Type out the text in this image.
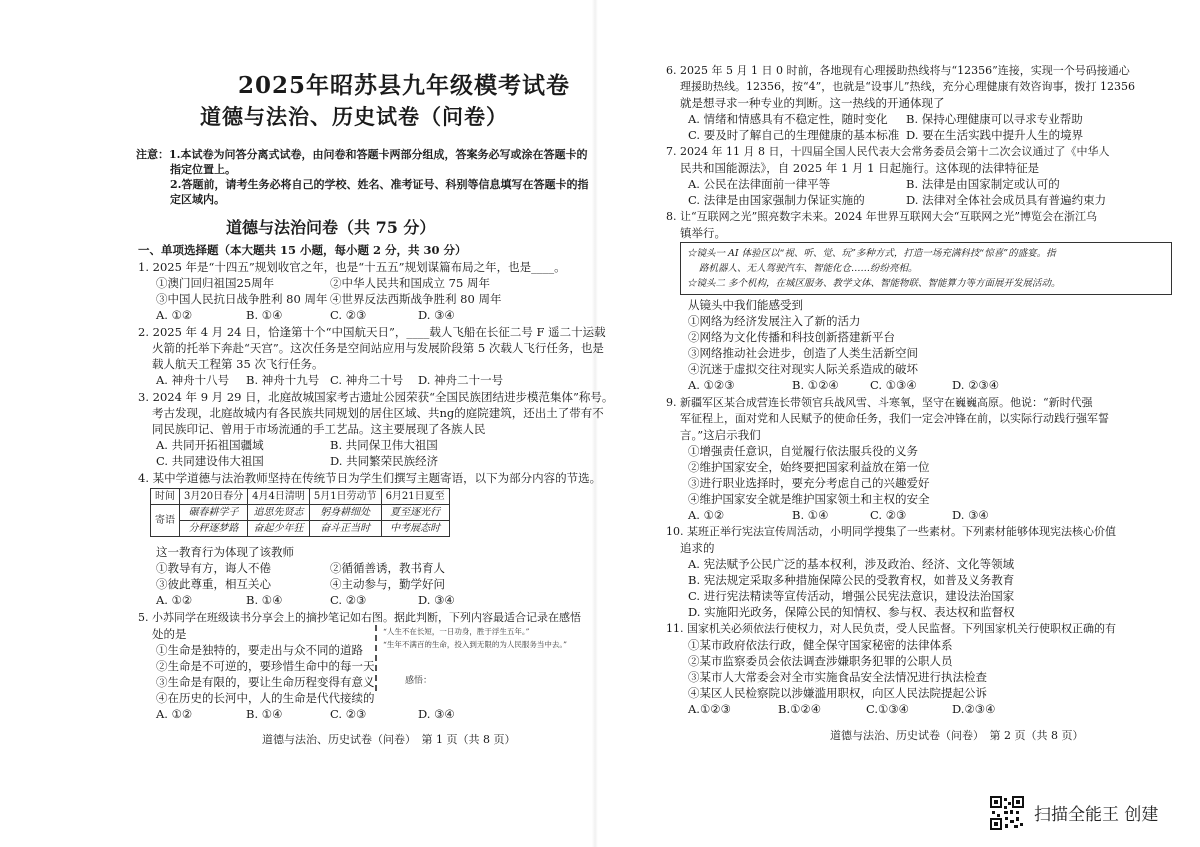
2025年昭苏县九年级模考试卷
道德与法治、历史试卷（问卷）
注意：1.本试卷为问答分离式试卷，由问卷和答题卡两部分组成，答案务必写或涂在答题卡的
指定位置上。
2.答题前，请考生务必将自己的学校、姓名、准考证号、科别等信息填写在答题卡的指
定区域内。
道德与法治问卷（共 75 分）
一、单项选择题（本大题共 15 小题，每小题 2 分，共 30 分）
1. 2025 年是“十四五”规划收官之年，也是“十五五”规划谋篇布局之年，也是____。
①澳门回归祖国25周年	②中华人民共和国成立 75 周年
③中国人民抗日战争胜利 80 周年 ④世界反法西斯战争胜利 80 周年
A. ①②	B. ①④	C. ②③	D. ③④
2. 2025 年 4 月 24 日，恰逢第十个“中国航天日”，____载人飞船在长征二号 F 遥二十运载
火箭的托举下奔赴“天宫”。这次任务是空间站应用与发展阶段第 5 次载人飞行任务，也是
载人航天工程第 35 次飞行任务。
A. 神舟十八号 B. 神舟十九号 C. 神舟二十号 D. 神舟二十一号
3. 2024 年 9 月 29 日，北庭故城国家考古遗址公园荣获“全国民族团结进步模范集体”称号。
考古发现，北庭故城内有各民族共同规划的居住区域、共ng的庭院建筑，还出土了带有不
同民族印记、曾用于市场流通的手工艺品。这主要展现了各族人民
A. 共同开拓祖国疆域	B. 共同保卫伟大祖国
C. 共同建设伟大祖国	D. 共同繁荣民族经济
4. 某中学道德与法治教师坚持在传统节日为学生们撰写主题寄语，以下为部分内容的节选。
时间	3月20日春分	4月4日清明	5月1日劳动节	6月21日夏至
寄语	碾春耕学子	追思先贤志	躬身耕细处	夏至逐光行
	分秤逐梦路	奋起少年狂	奋斗正当时	中考展态时
这一教育行为体现了该教师
①教导有方，诲人不倦	②循循善诱，教书育人
③彼此尊重，相互关心	④主动参与，勤学好问
A. ①②	B. ①④	C. ②③	D. ③④
5. 小苏同学在班级读书分享会上的摘抄笔记如右图。据此判断，下列内容最适合记录在感悟
处的是
①生命是独特的，要走出与众不同的道路
②生命是不可逆的，要珍惜生命中的每一天
③生命是有限的，要让生命历程变得有意义
④在历史的长河中，人的生命是代代接续的
A. ①②	B. ①④	C. ②③	D. ③④
“人生不在长短，一日功身，胜于浮生五年。”
“生年不满百的生命，投入到无限的为人民服务当中去。”
感悟：
道德与法治、历史试卷（问卷）　第 1 页（共 8 页）
6. 2025 年 5 月 1 日 0 时前，各地现有心理援助热线将与“12356”连接，实现一个号码接通心
理援助热线。12356，按“4”，也就是“设事儿”热线，充分心理健康有效咨询事，拨打 12356
就是想寻求一种专业的判断。这一热线的开通体现了
A. 情绪和情感具有不稳定性，随时变化 B. 保持心理健康可以寻求专业帮助
C. 要及时了解自己的生理健康的基本标准 D. 要在生活实践中提升人生的境界
7. 2024 年 11 月 8 日，十四届全国人民代表大会常务委员会第十二次会议通过了《中华人
民共和国能源法》，自 2025 年 1 月 1 日起施行。这体现的法律特征是
A. 公民在法律面前一律平等	B. 法律是由国家制定或认可的
C. 法律是由国家强制力保证实施的	D. 法律对全体社会成员具有普遍约束力
8. 让“互联网之光”照亮数字未来。2024 年世界互联网大会“互联网之光”博览会在浙江乌
镇举行。
☆镜头一 AI 体验区以“视、听、觉、玩”多种方式，打造一场充满科技“惊喜”的盛宴。指
路机器人、无人驾驶汽车、智能化仓……纷纷亮相。
☆镜头二 多个机构，在城区服务、教学文体、智能物联、智能算力等方面展开发展活动。
从镜头中我们能感受到
①网络为经济发展注入了新的活力
②网络为文化传播和科技创新搭建新平台
③网络推动社会进步，创造了人类生活新空间
④沉迷于虚拟交往对现实人际关系造成的破坏
A. ①②③	B. ①②④	C. ①③④	D. ②③④
9. 新疆军区某合成营连长带领官兵战风雪、斗寒氧，坚守在巍巍高原。他说：“新时代强
军征程上，面对党和人民赋予的使命任务，我们一定会冲锋在前，以实际行动践行强军誓
言。”这启示我们
①增强责任意识，自觉履行依法服兵役的义务
②维护国家安全，始终要把国家利益放在第一位
③进行职业选择时，要充分考虑自己的兴趣爱好
④维护国家安全就是维护国家领土和主权的安全
A. ①②	B. ①④	C. ②③	D. ③④
10. 某班正举行宪法宣传周活动，小明同学搜集了一些素材。下列素材能够体现宪法核心价值
追求的
A. 宪法赋予公民广泛的基本权利，涉及政治、经济、文化等领域
B. 宪法规定采取多种措施保障公民的受教育权，如普及义务教育
C. 进行宪法精读等宣传活动，增强公民宪法意识，建设法治国家
D. 实施阳光政务，保障公民的知情权、参与权、表达权和监督权
11. 国家机关必须依法行使权力，对人民负责，受人民监督。下列国家机关行使职权正确的有
①某市政府依法行政，健全保守国家秘密的法律体系
②某市监察委员会依法调查涉嫌职务犯罪的公职人员
③某市人大常委会对全市实施食品安全法情况进行执法检查
④某区人民检察院以涉嫌滥用职权，向区人民法院提起公诉
A.①②③	B.①②④	C.①③④	D.②③④
道德与法治、历史试卷（问卷）　第 2 页（共 8 页）
扫描全能王 创建
